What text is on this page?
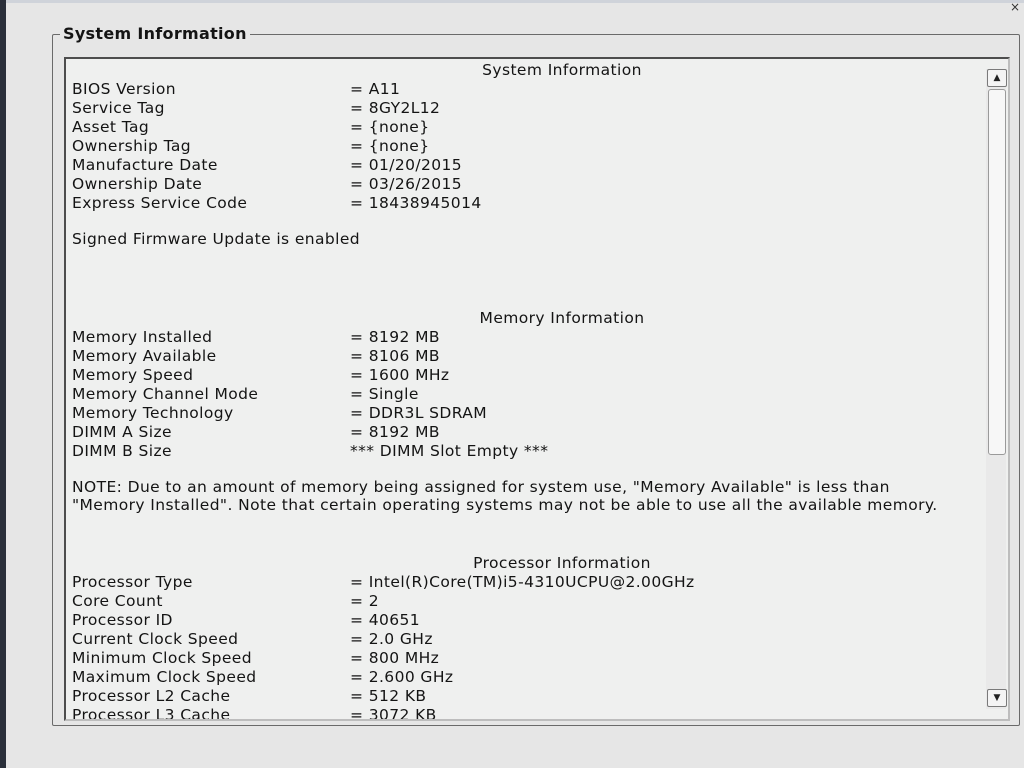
×
System Information
System Information
BIOS Version	= A11
Service Tag	= 8GY2L12
Asset Tag	= {none}
Ownership Tag	= {none}
Manufacture Date	= 01/20/2015
Ownership Date	= 03/26/2015
Express Service Code	= 18438945014
Signed Firmware Update is enabled
Memory Information
Memory Installed	= 8192 MB
Memory Available	= 8106 MB
Memory Speed	= 1600 MHz
Memory Channel Mode	= Single
Memory Technology	= DDR3L SDRAM
DIMM A Size	= 8192 MB
DIMM B Size	*** DIMM Slot Empty ***
NOTE: Due to an amount of memory being assigned for system use, "Memory Available" is less than "Memory Installed". Note that certain operating systems may not be able to use all the available memory.
Processor Information
Processor Type	= Intel(R)Core(TM)i5-4310UCPU@2.00GHz
Core Count	= 2
Processor ID	= 40651
Current Clock Speed	= 2.0 GHz
Minimum Clock Speed	= 800 MHz
Maximum Clock Speed	= 2.600 GHz
Processor L2 Cache	= 512 KB
Processor L3 Cache	= 3072 KB
▲
▼
